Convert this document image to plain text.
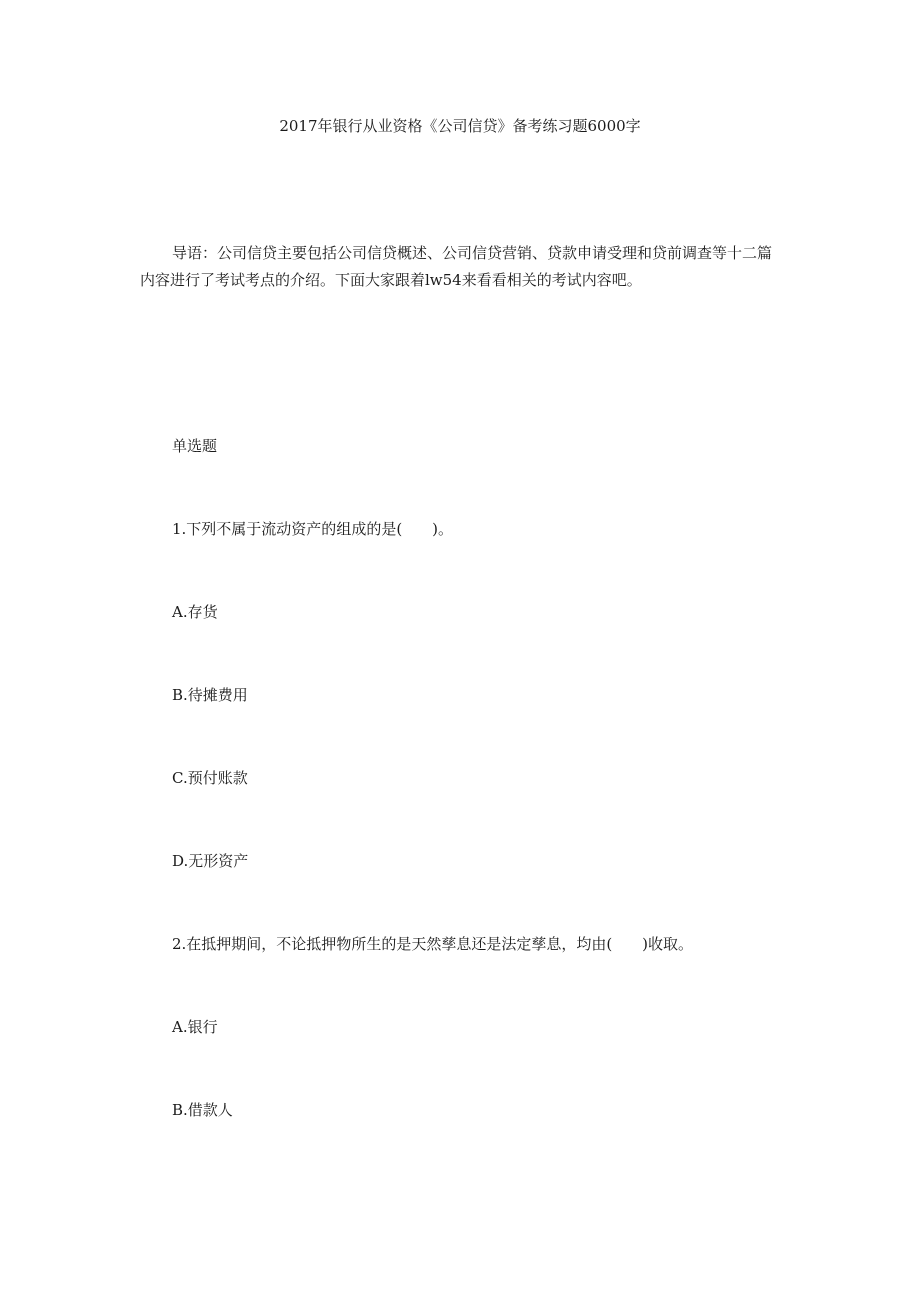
2017年银行从业资格《公司信贷》备考练习题6000字

导语：公司信贷主要包括公司信贷概述、公司信贷营销、贷款申请受理和贷前调查等十二篇内容进行了考试考点的介绍。下面大家跟着lw54来看看相关的考试内容吧。

单选题
1.下列不属于流动资产的组成的是(　　)。
A.存货
B.待摊费用
C.预付账款
D.无形资产
2.在抵押期间，不论抵押物所生的是天然孳息还是法定孳息，均由(　　)收取。
A.银行
B.借款人
